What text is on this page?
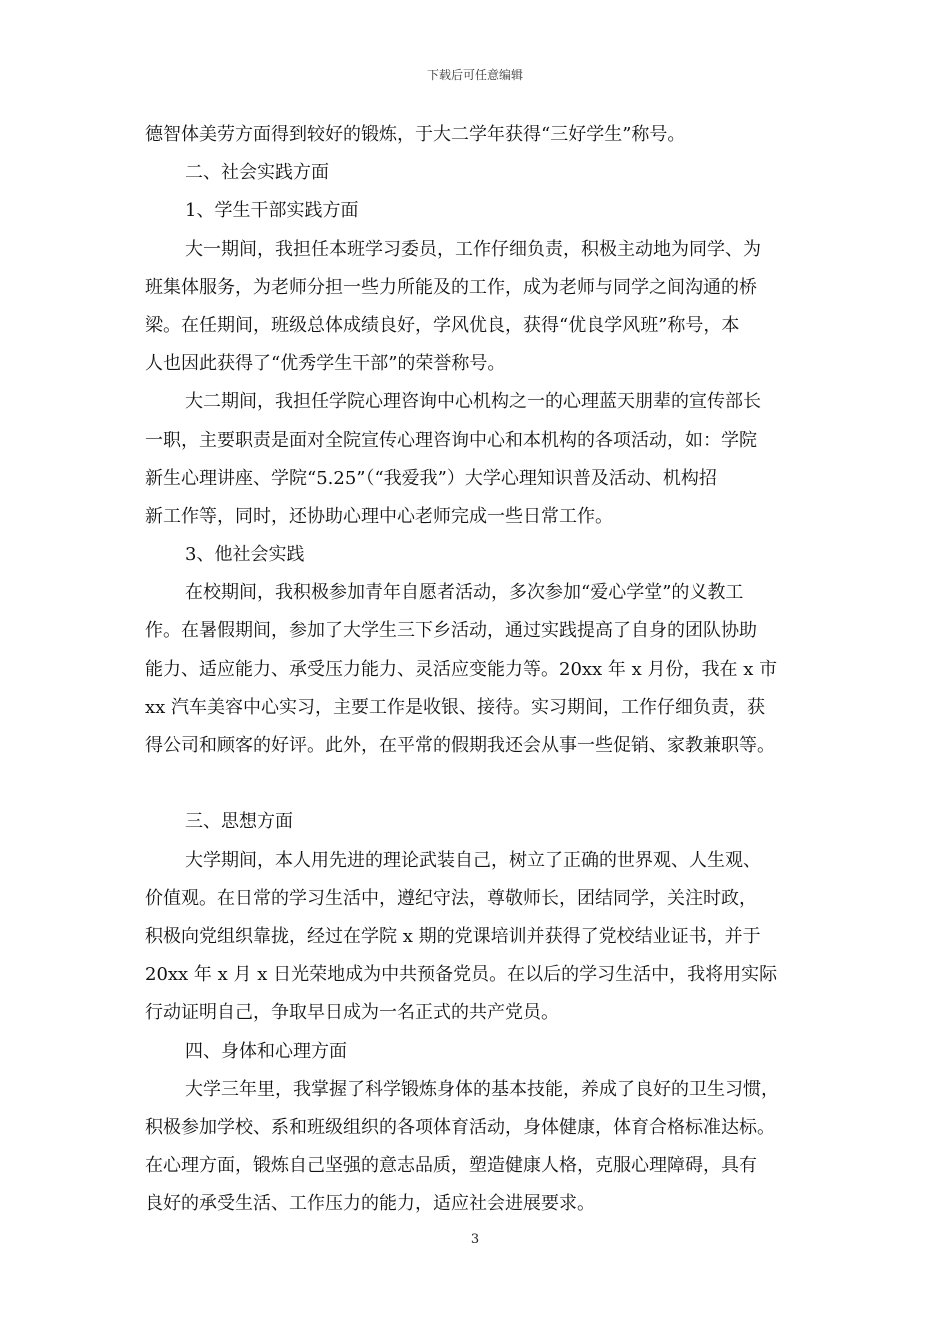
下载后可任意编辑
德智体美劳方面得到较好的锻炼，于大二学年获得“三好学生”称号。
二、社会实践方面
1、学生干部实践方面
大一期间，我担任本班学习委员，工作仔细负责，积极主动地为同学、为
班集体服务，为老师分担一些力所能及的工作，成为老师与同学之间沟通的桥
梁。在任期间，班级总体成绩良好，学风优良，获得“优良学风班”称号，本
人也因此获得了“优秀学生干部”的荣誉称号。
大二期间，我担任学院心理咨询中心机构之一的心理蓝天朋辈的宣传部长
一职，主要职责是面对全院宣传心理咨询中心和本机构的各项活动，如：学院
新生心理讲座、学院“5.25”（“我爱我”）大学心理知识普及活动、机构招
新工作等，同时，还协助心理中心老师完成一些日常工作。
3、他社会实践
在校期间，我积极参加青年自愿者活动，多次参加“爱心学堂”的义教工
作。在暑假期间，参加了大学生三下乡活动，通过实践提高了自身的团队协助
能力、适应能力、承受压力能力、灵活应变能力等。20xx 年 x 月份，我在 x 市
xx 汽车美容中心实习，主要工作是收银、接待。实习期间，工作仔细负责，获
得公司和顾客的好评。此外，在平常的假期我还会从事一些促销、家教兼职等。
三、思想方面
大学期间，本人用先进的理论武装自己，树立了正确的世界观、人生观、
价值观。在日常的学习生活中，遵纪守法，尊敬师长，团结同学，关注时政，
积极向党组织靠拢，经过在学院 x 期的党课培训并获得了党校结业证书，并于
20xx 年 x 月 x 日光荣地成为中共预备党员。在以后的学习生活中，我将用实际
行动证明自己，争取早日成为一名正式的共产党员。
四、身体和心理方面
大学三年里，我掌握了科学锻炼身体的基本技能，养成了良好的卫生习惯，
积极参加学校、系和班级组织的各项体育活动，身体健康，体育合格标准达标。
在心理方面，锻炼自己坚强的意志品质，塑造健康人格，克服心理障碍，具有
良好的承受生活、工作压力的能力，适应社会进展要求。
3
